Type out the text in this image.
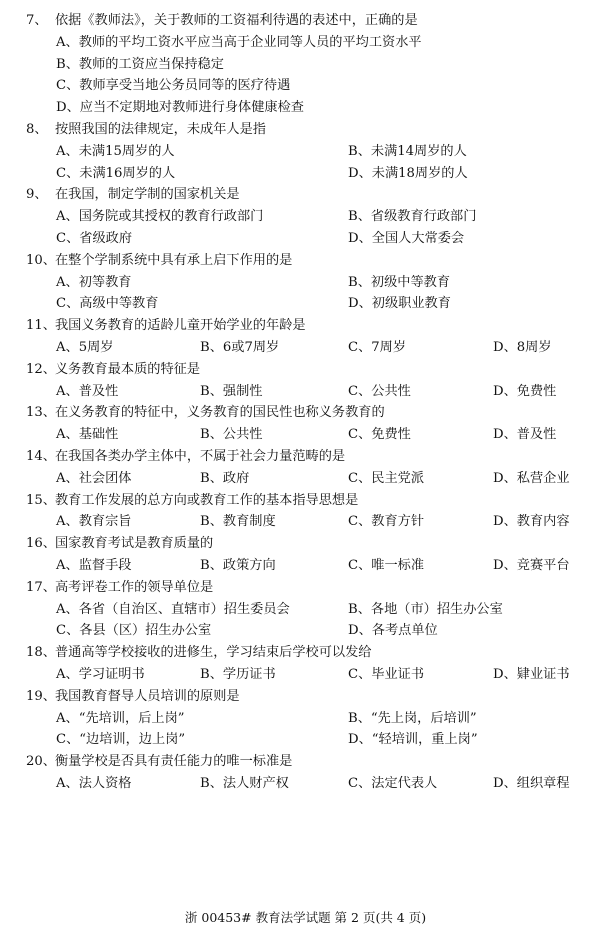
7、 依据《教师法》，关于教师的工资福利待遇的表述中，正确的是
A、教师的平均工资水平应当高于企业同等人员的平均工资水平
B、教师的工资应当保持稳定
C、教师享受当地公务员同等的医疗待遇
D、应当不定期地对教师进行身体健康检查
8、 按照我国的法律规定，未成年人是指
A、未满15周岁的人	B、未满14周岁的人
C、未满16周岁的人	D、未满18周岁的人
9、 在我国，制定学制的国家机关是
A、国务院或其授权的教育行政部门	B、省级教育行政部门
C、省级政府	D、全国人大常委会
10、 在整个学制系统中具有承上启下作用的是
A、初等教育	B、初级中等教育
C、高级中等教育	D、初级职业教育
11、 我国义务教育的适龄儿童开始学业的年龄是
A、5周岁	B、6或7周岁	C、7周岁	D、8周岁
12、 义务教育最本质的特征是
A、普及性	B、强制性	C、公共性	D、免费性
13、 在义务教育的特征中，义务教育的国民性也称义务教育的
A、基础性	B、公共性	C、免费性	D、普及性
14、 在我国各类办学主体中，不属于社会力量范畴的是
A、社会团体	B、政府	C、民主党派	D、私营企业
15、 教育工作发展的总方向或教育工作的基本指导思想是
A、教育宗旨	B、教育制度	C、教育方针	D、教育内容
16、 国家教育考试是教育质量的
A、监督手段	B、政策方向	C、唯一标准	D、竞赛平台
17、 高考评卷工作的领导单位是
A、各省（自治区、直辖市）招生委员会	B、各地（市）招生办公室
C、各县（区）招生办公室	D、各考点单位
18、 普通高等学校接收的进修生，学习结束后学校可以发给
A、学习证明书	B、学历证书	C、毕业证书	D、肄业证书
19、 我国教育督导人员培训的原则是
A、“先培训，后上岗”	B、“先上岗，后培训”
C、“边培训，边上岗”	D、“轻培训，重上岗”
20、 衡量学校是否具有责任能力的唯一标准是
A、法人资格	B、法人财产权	C、法定代表人	D、组织章程
浙 00453# 教育法学试题 第 2 页(共 4 页)
